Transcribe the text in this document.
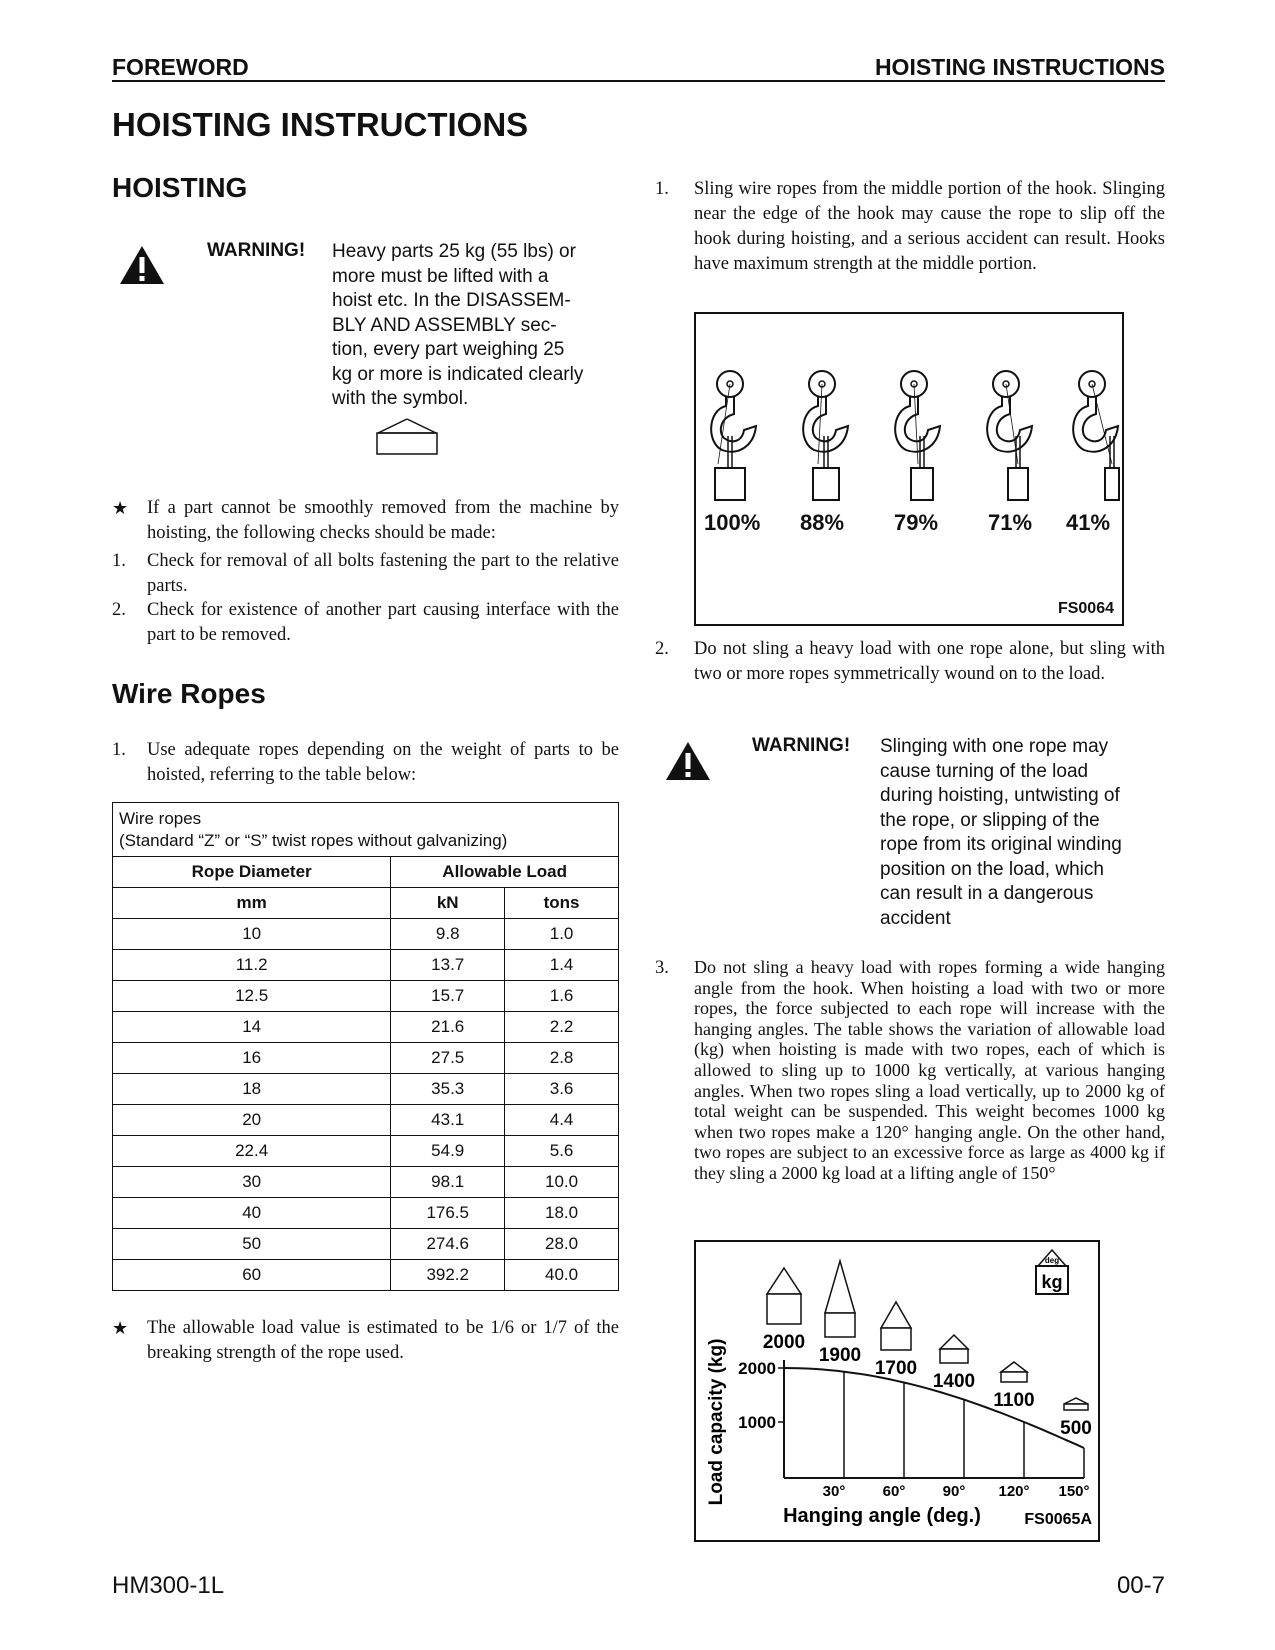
FOREWORD	HOISTING INSTRUCTIONS
HOISTING INSTRUCTIONS
HOISTING
WARNING! Heavy parts 25 kg (55 lbs) or
more must be lifted with a
hoist etc. In the DISASSEM-
BLY AND ASSEMBLY sec-
tion, every part weighing 25
kg or more is indicated clearly
with the symbol.
★ If a part cannot be smoothly removed from the machine by hoisting, the following checks should be made:
1. Check for removal of all bolts fastening the part to the relative parts.
2. Check for existence of another part causing interface with the part to be removed.
Wire Ropes
1. Use adequate ropes depending on the weight of parts to be hoisted, referring to the table below:
Wire ropes
(Standard “Z” or “S” twist ropes without galvanizing)		

Rope Diameter	Allowable Load	
mm	kN	tons
10	9.8	1.0
11.2	13.7	1.4
12.5	15.7	1.6
14	21.6	2.2
16	27.5	2.8
18	35.3	3.6
20	43.1	4.4
22.4	54.9	5.6
30	98.1	10.0
40	176.5	18.0
50	274.6	28.0
60	392.2	40.0
★ The allowable load value is estimated to be 1/6 or 1/7 of the breaking strength of the rope used.
1. Sling wire ropes from the middle portion of the hook. Slinging near the edge of the hook may cause the rope to slip off the hook during hoisting, and a serious accident can result. Hooks have maximum strength at the middle portion.
100% 88% 79% 71% 41%
FS0064
2. Do not sling a heavy load with one rope alone, but sling with two or more ropes symmetrically wound on to the load.
WARNING! Slinging with one rope may
cause turning of the load
during hoisting, untwisting of
the rope, or slipping of the
rope from its original winding
position on the load, which
can result in a dangerous
accident
3. Do not sling a heavy load with ropes forming a wide hanging angle from the hook. When hoisting a load with two or more ropes, the force subjected to each rope will increase with the hanging angles. The table shows the variation of allowable load (kg) when hoisting is made with two ropes, each of which is allowed to sling up to 1000 kg vertically, at various hanging angles. When two ropes sling a load vertically, up to 2000 kg of total weight can be suspended. This weight becomes 1000 kg when two ropes make a 120° hanging angle. On the other hand, two ropes are subject to an excessive force as large as 4000 kg if they sling a 2000 kg load at a lifting angle of 150°
2000
1000
30° 60° 90° 120° 150°
2000
1900
1700
1400
1100
500
Load capacity (kg)
Hanging angle (deg.)	FS0065A
deg
kg
HM300-1L	00-7
